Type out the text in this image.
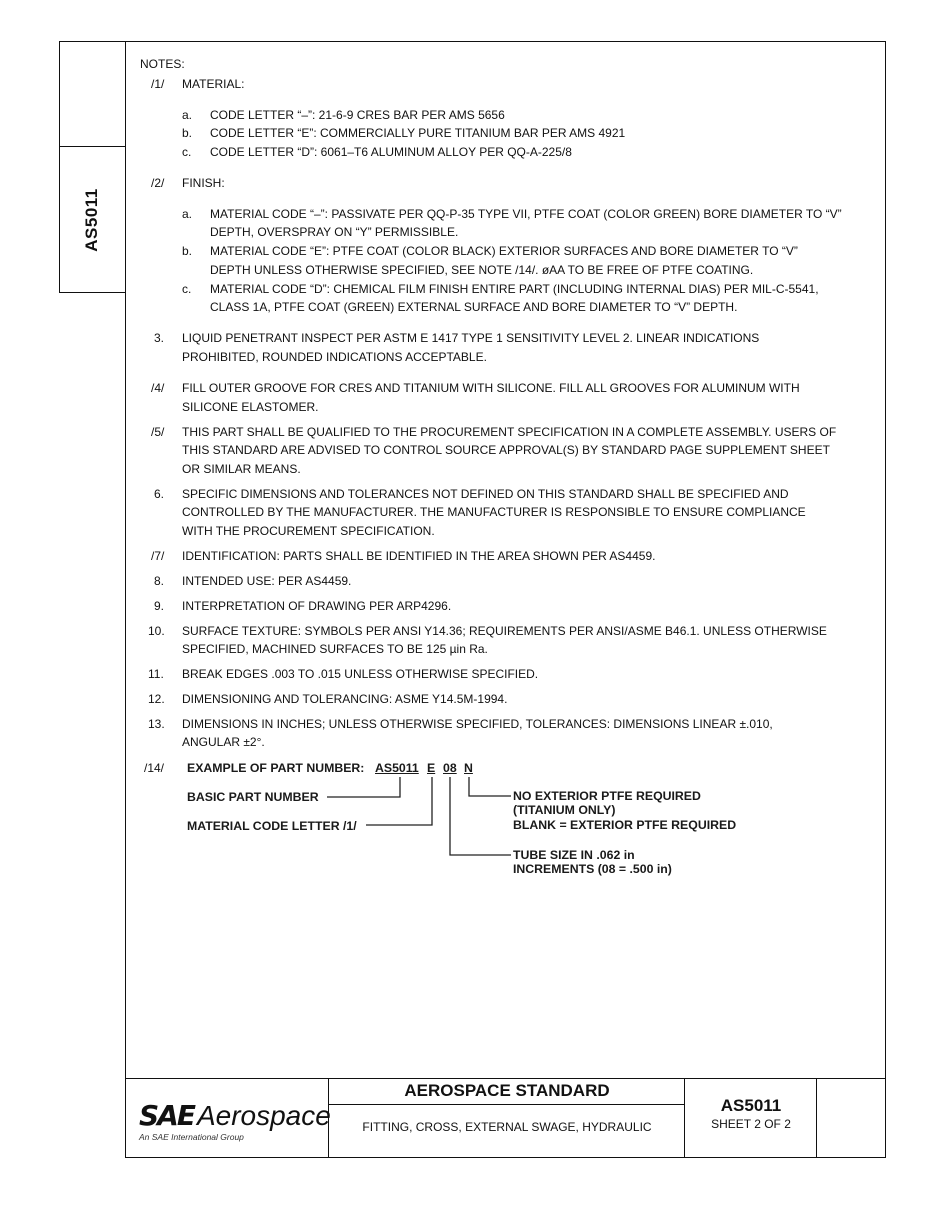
AS5011
NOTES:
/1/ MATERIAL:
a. CODE LETTER “–”: 21-6-9 CRES BAR PER AMS 5656
b. CODE LETTER “E”: COMMERCIALLY PURE TITANIUM BAR PER AMS 4921
c. CODE LETTER “D”: 6061–T6 ALUMINUM ALLOY PER QQ-A-225/8
/2/ FINISH:
a. MATERIAL CODE “–”: PASSIVATE PER QQ-P-35 TYPE VII, PTFE COAT (COLOR GREEN) BORE DIAMETER TO “V”
DEPTH, OVERSPRAY ON “Y” PERMISSIBLE.
b. MATERIAL CODE “E”: PTFE COAT (COLOR BLACK) EXTERIOR SURFACES AND BORE DIAMETER TO “V”
DEPTH UNLESS OTHERWISE SPECIFIED, SEE NOTE /14/. øAA TO BE FREE OF PTFE COATING.
c. MATERIAL CODE “D”: CHEMICAL FILM FINISH ENTIRE PART (INCLUDING INTERNAL DIAS) PER MIL-C-5541,
CLASS 1A, PTFE COAT (GREEN) EXTERNAL SURFACE AND BORE DIAMETER TO “V” DEPTH.
3. LIQUID PENETRANT INSPECT PER ASTM E 1417 TYPE 1 SENSITIVITY LEVEL 2. LINEAR INDICATIONS
PROHIBITED, ROUNDED INDICATIONS ACCEPTABLE.
/4/ FILL OUTER GROOVE FOR CRES AND TITANIUM WITH SILICONE. FILL ALL GROOVES FOR ALUMINUM WITH
SILICONE ELASTOMER.
/5/ THIS PART SHALL BE QUALIFIED TO THE PROCUREMENT SPECIFICATION IN A COMPLETE ASSEMBLY. USERS OF
THIS STANDARD ARE ADVISED TO CONTROL SOURCE APPROVAL(S) BY STANDARD PAGE SUPPLEMENT SHEET
OR SIMILAR MEANS.
6. SPECIFIC DIMENSIONS AND TOLERANCES NOT DEFINED ON THIS STANDARD SHALL BE SPECIFIED AND
CONTROLLED BY THE MANUFACTURER. THE MANUFACTURER IS RESPONSIBLE TO ENSURE COMPLIANCE
WITH THE PROCUREMENT SPECIFICATION.
/7/ IDENTIFICATION: PARTS SHALL BE IDENTIFIED IN THE AREA SHOWN PER AS4459.
8. INTENDED USE: PER AS4459.
9. INTERPRETATION OF DRAWING PER ARP4296.
10. SURFACE TEXTURE: SYMBOLS PER ANSI Y14.36; REQUIREMENTS PER ANSI/ASME B46.1. UNLESS OTHERWISE
SPECIFIED, MACHINED SURFACES TO BE 125 µin Ra.
11. BREAK EDGES .003 TO .015 UNLESS OTHERWISE SPECIFIED.
12. DIMENSIONING AND TOLERANCING: ASME Y14.5M-1994.
13. DIMENSIONS IN INCHES; UNLESS OTHERWISE SPECIFIED, TOLERANCES: DIMENSIONS LINEAR ±.010,
ANGULAR ±2°.
/14/ EXAMPLE OF PART NUMBER: AS5011 E 08 N
BASIC PART NUMBER
MATERIAL CODE LETTER /1/
NO EXTERIOR PTFE REQUIRED
(TITANIUM ONLY)
BLANK = EXTERIOR PTFE REQUIRED
TUBE SIZE IN .062 in
INCREMENTS (08 = .500 in)
SAE Aerospace
An SAE International Group
AEROSPACE STANDARD
FITTING, CROSS, EXTERNAL SWAGE, HYDRAULIC
AS5011
SHEET 2 OF 2
